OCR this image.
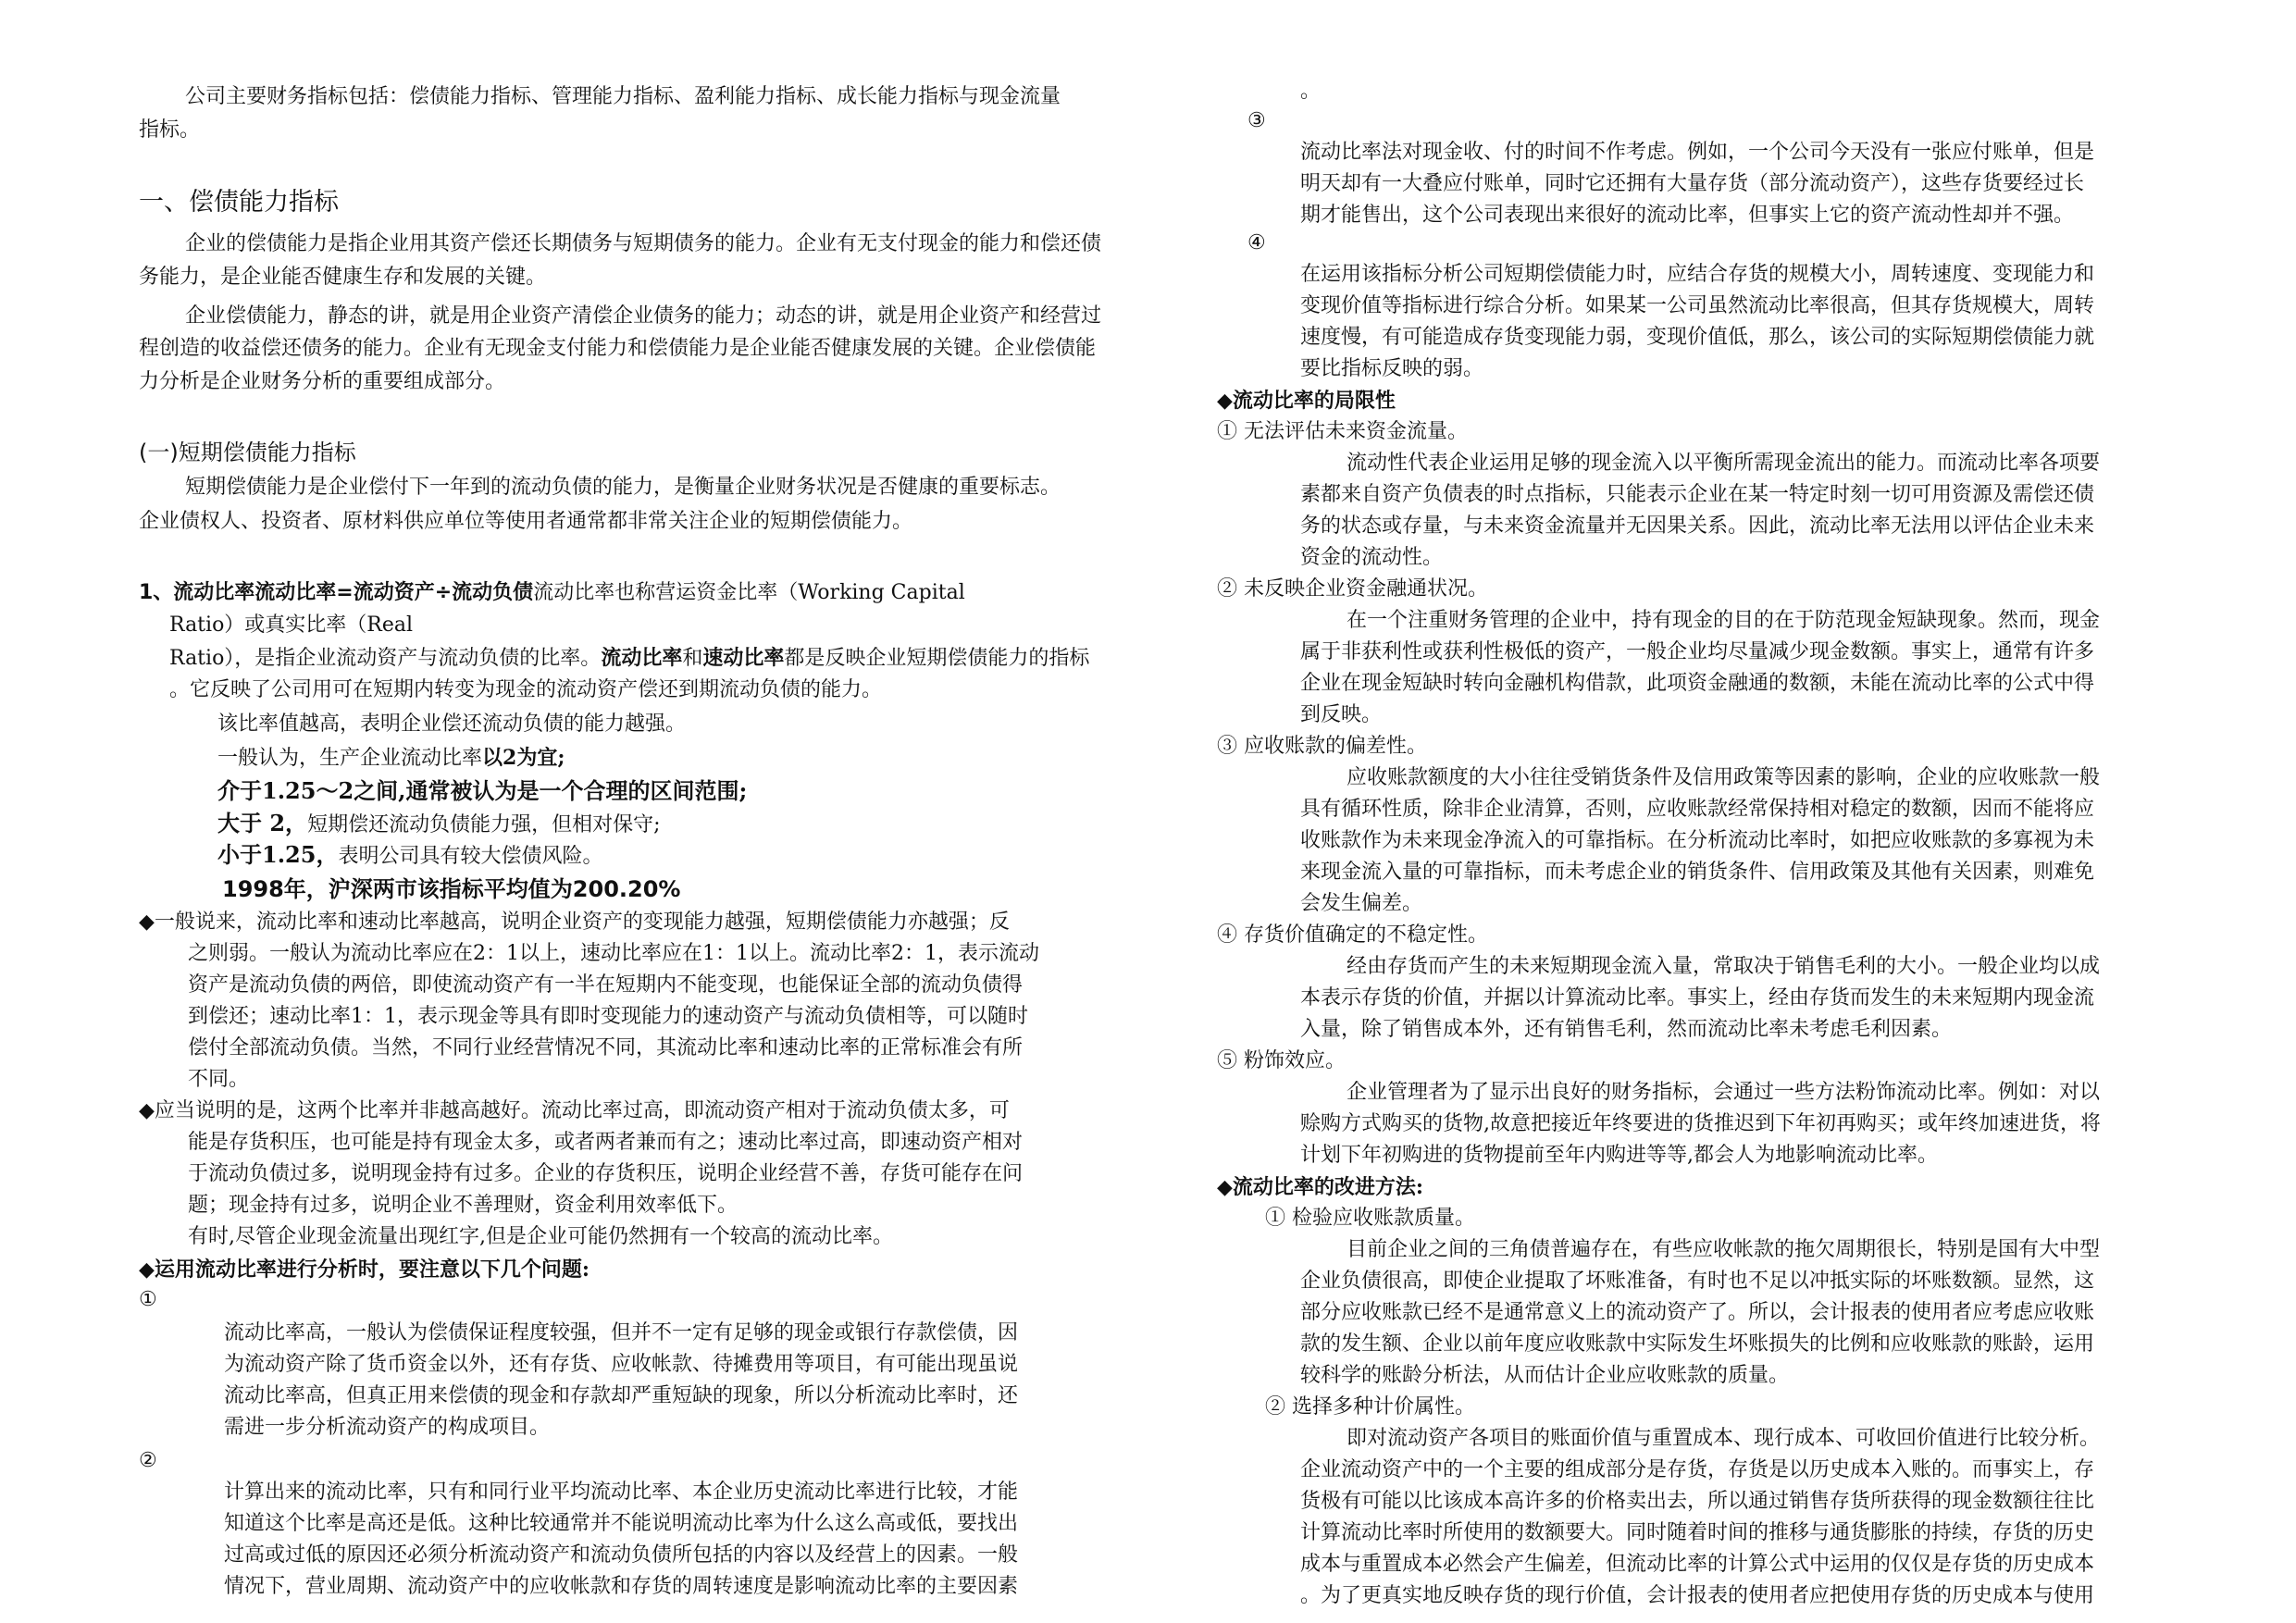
公司主要财务指标包括：偿债能力指标、管理能力指标、盈利能力指标、成长能力指标与现金流量
指标。
一、偿债能力指标
企业的偿债能力是指企业用其资产偿还长期债务与短期债务的能力。企业有无支付现金的能力和偿还债
务能力，是企业能否健康生存和发展的关键。
企业偿债能力，静态的讲，就是用企业资产清偿企业债务的能力；动态的讲，就是用企业资产和经营过
程创造的收益偿还债务的能力。企业有无现金支付能力和偿债能力是企业能否健康发展的关键。企业偿债能
力分析是企业财务分析的重要组成部分。
(一)短期偿债能力指标
短期偿债能力是企业偿付下一年到的流动负债的能力，是衡量企业财务状况是否健康的重要标志。
企业债权人、投资者、原材料供应单位等使用者通常都非常关注企业的短期偿债能力。
1、流动比率流动比率=流动资产÷流动负债流动比率也称营运资金比率（Working Capital
Ratio）或真实比率（Real
Ratio），是指企业流动资产与流动负债的比率。流动比率和速动比率都是反映企业短期偿债能力的指标
。它反映了公司用可在短期内转变为现金的流动资产偿还到期流动负债的能力。
该比率值越高，表明企业偿还流动负债的能力越强。
一般认为，生产企业流动比率以2为宜;
介于1.25～2之间,通常被认为是一个合理的区间范围;
大于 2，短期偿还流动负债能力强，但相对保守;
小于1.25，表明公司具有较大偿债风险。
1998年，沪深两市该指标平均值为200.20%
◆一般说来，流动比率和速动比率越高，说明企业资产的变现能力越强，短期偿债能力亦越强；反
之则弱。一般认为流动比率应在2：1以上，速动比率应在1：1以上。流动比率2：1，表示流动
资产是流动负债的两倍，即使流动资产有一半在短期内不能变现，也能保证全部的流动负债得
到偿还；速动比率1：1，表示现金等具有即时变现能力的速动资产与流动负债相等，可以随时
偿付全部流动负债。当然，不同行业经营情况不同，其流动比率和速动比率的正常标准会有所
不同。
◆应当说明的是，这两个比率并非越高越好。流动比率过高，即流动资产相对于流动负债太多，可
能是存货积压，也可能是持有现金太多，或者两者兼而有之；速动比率过高，即速动资产相对
于流动负债过多，说明现金持有过多。企业的存货积压，说明企业经营不善，存货可能存在问
题；现金持有过多，说明企业不善理财，资金利用效率低下。
有时,尽管企业现金流量出现红字,但是企业可能仍然拥有一个较高的流动比率。
◆运用流动比率进行分析时，要注意以下几个问题:
①
流动比率高，一般认为偿债保证程度较强，但并不一定有足够的现金或银行存款偿债，因
为流动资产除了货币资金以外，还有存货、应收帐款、待摊费用等项目，有可能出现虽说
流动比率高，但真正用来偿债的现金和存款却严重短缺的现象，所以分析流动比率时，还
需进一步分析流动资产的构成项目。
②
计算出来的流动比率，只有和同行业平均流动比率、本企业历史流动比率进行比较，才能
知道这个比率是高还是低。这种比较通常并不能说明流动比率为什么这么高或低，要找出
过高或过低的原因还必须分析流动资产和流动负债所包括的内容以及经营上的因素。一般
情况下，营业周期、流动资产中的应收帐款和存货的周转速度是影响流动比率的主要因素
。
③
流动比率法对现金收、付的时间不作考虑。例如，一个公司今天没有一张应付账单，但是
明天却有一大叠应付账单，同时它还拥有大量存货（部分流动资产），这些存货要经过长
期才能售出，这个公司表现出来很好的流动比率，但事实上它的资产流动性却并不强。
④
在运用该指标分析公司短期偿债能力时，应结合存货的规模大小，周转速度、变现能力和
变现价值等指标进行综合分析。如果某一公司虽然流动比率很高，但其存货规模大，周转
速度慢，有可能造成存货变现能力弱，变现价值低，那么，该公司的实际短期偿债能力就
要比指标反映的弱。
◆流动比率的局限性
① 无法评估未来资金流量。
流动性代表企业运用足够的现金流入以平衡所需现金流出的能力。而流动比率各项要
素都来自资产负债表的时点指标，只能表示企业在某一特定时刻一切可用资源及需偿还债
务的状态或存量，与未来资金流量并无因果关系。因此，流动比率无法用以评估企业未来
资金的流动性。
② 未反映企业资金融通状况。
在一个注重财务管理的企业中，持有现金的目的在于防范现金短缺现象。然而，现金
属于非获利性或获利性极低的资产，一般企业均尽量减少现金数额。事实上，通常有许多
企业在现金短缺时转向金融机构借款，此项资金融通的数额，未能在流动比率的公式中得
到反映。
③ 应收账款的偏差性。
应收账款额度的大小往往受销货条件及信用政策等因素的影响，企业的应收账款一般
具有循环性质，除非企业清算，否则，应收账款经常保持相对稳定的数额，因而不能将应
收账款作为未来现金净流入的可靠指标。在分析流动比率时，如把应收账款的多寡视为未
来现金流入量的可靠指标，而未考虑企业的销货条件、信用政策及其他有关因素，则难免
会发生偏差。
④ 存货价值确定的不稳定性。
经由存货而产生的未来短期现金流入量，常取决于销售毛利的大小。一般企业均以成
本表示存货的价值，并据以计算流动比率。事实上，经由存货而发生的未来短期内现金流
入量，除了销售成本外，还有销售毛利，然而流动比率未考虑毛利因素。
⑤ 粉饰效应。
企业管理者为了显示出良好的财务指标，会通过一些方法粉饰流动比率。例如：对以
赊购方式购买的货物,故意把接近年终要进的货推迟到下年初再购买；或年终加速进货，将
计划下年初购进的货物提前至年内购进等等,都会人为地影响流动比率。
◆流动比率的改进方法:
① 检验应收账款质量。
目前企业之间的三角债普遍存在，有些应收帐款的拖欠周期很长，特别是国有大中型
企业负债很高，即使企业提取了坏账准备，有时也不足以冲抵实际的坏账数额。显然，这
部分应收账款已经不是通常意义上的流动资产了。所以，会计报表的使用者应考虑应收账
款的发生额、企业以前年度应收账款中实际发生坏账损失的比例和应收账款的账龄，运用
较科学的账龄分析法，从而估计企业应收账款的质量。
② 选择多种计价属性。
即对流动资产各项目的账面价值与重置成本、现行成本、可收回价值进行比较分析。
企业流动资产中的一个主要的组成部分是存货，存货是以历史成本入账的。而事实上，存
货极有可能以比该成本高许多的价格卖出去，所以通过销售存货所获得的现金数额往往比
计算流动比率时所使用的数额要大。同时随着时间的推移与通货膨胀的持续，存货的历史
成本与重置成本必然会产生偏差，但流动比率的计算公式中运用的仅仅是存货的历史成本
。为了更真实地反映存货的现行价值，会计报表的使用者应把使用存货的历史成本与使用
